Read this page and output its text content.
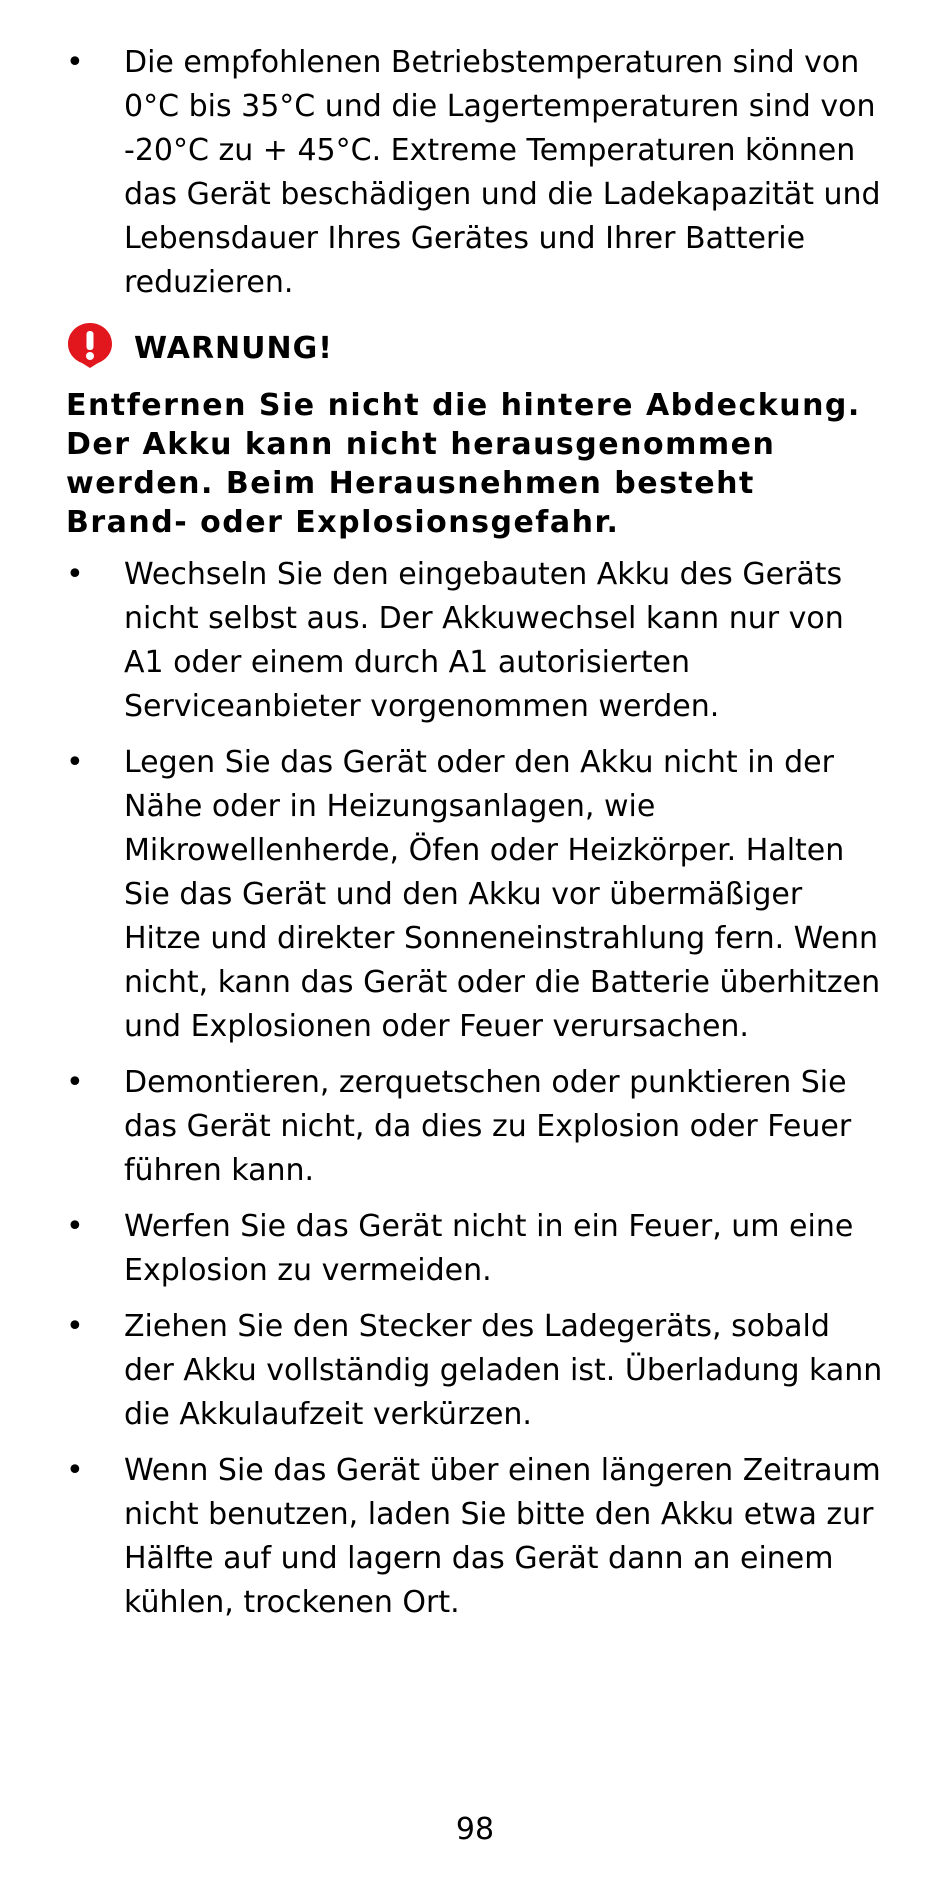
• Die empfohlenen Betriebstemperaturen sind von 0°C bis 35°C und die Lagertemperaturen sind von -20°C zu + 45°C. Extreme Temperaturen können das Gerät beschädigen und die Ladekapazität und Lebensdauer Ihres Gerätes und Ihrer Batterie reduzieren.
WARNUNG!

Entfernen Sie nicht die hintere Abdeckung. Der Akku kann nicht herausgenommen werden. Beim Herausnehmen besteht Brand- oder Explosionsgefahr.

• Wechseln Sie den eingebauten Akku des Geräts nicht selbst aus. Der Akkuwechsel kann nur von A1 oder einem durch A1 autorisierten Serviceanbieter vorgenommen werden.
• Legen Sie das Gerät oder den Akku nicht in der Nähe oder in Heizungsanlagen, wie Mikrowellenherde, Öfen oder Heizkörper. Halten Sie das Gerät und den Akku vor übermäßiger Hitze und direkter Sonneneinstrahlung fern. Wenn nicht, kann das Gerät oder die Batterie überhitzen und Explosionen oder Feuer verursachen.
• Demontieren, zerquetschen oder punktieren Sie das Gerät nicht, da dies zu Explosion oder Feuer führen kann.
• Werfen Sie das Gerät nicht in ein Feuer, um eine Explosion zu vermeiden.
• Ziehen Sie den Stecker des Ladegeräts, sobald der Akku vollständig geladen ist. Überladung kann die Akkulaufzeit verkürzen.
• Wenn Sie das Gerät über einen längeren Zeitraum nicht benutzen, laden Sie bitte den Akku etwa zur Hälfte auf und lagern das Gerät dann an einem kühlen, trockenen Ort.
98
